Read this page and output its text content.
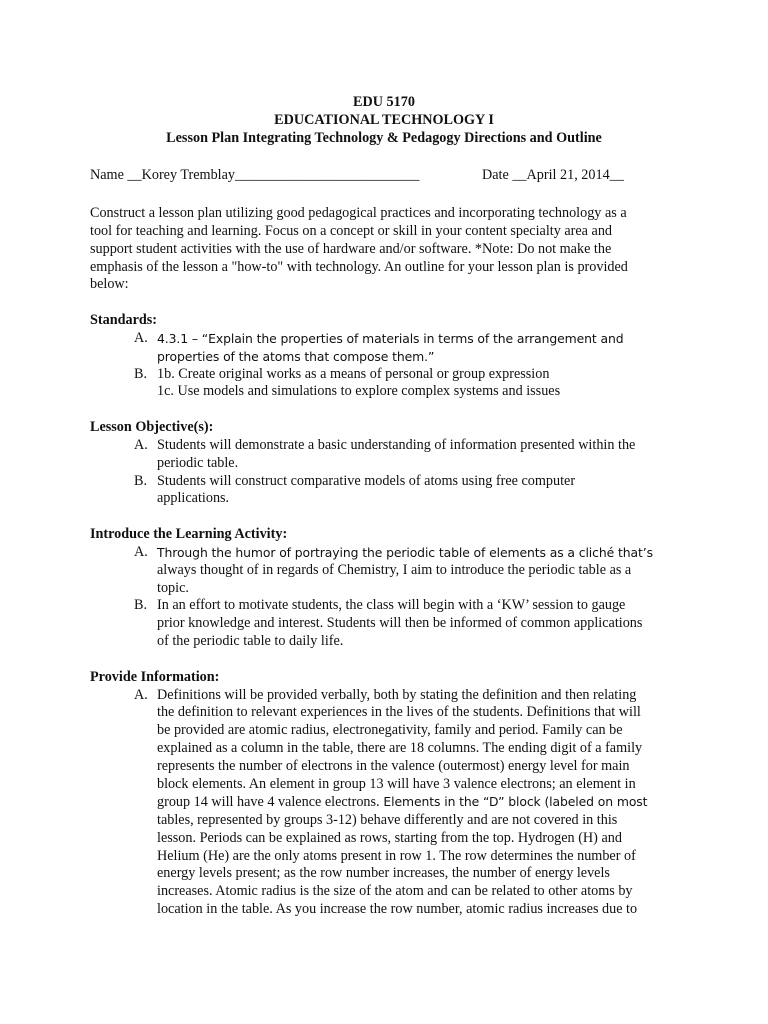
EDU 5170
EDUCATIONAL TECHNOLOGY I
Lesson Plan Integrating Technology & Pedagogy Directions and Outline
Name __Korey Tremblay__________________________	Date __April 21, 2014__
Construct a lesson plan utilizing good pedagogical practices and incorporating technology as a
tool for teaching and learning. Focus on a concept or skill in your content specialty area and
support student activities with the use of hardware and/or software. *Note: Do not make the
emphasis of the lesson a "how-to" with technology. An outline for your lesson plan is provided
below:
Standards:
A. 4.3.1 – “Explain the properties of materials in terms of the arrangement and
properties of the atoms that compose them.”
B. 1b. Create original works as a means of personal or group expression
1c. Use models and simulations to explore complex systems and issues
Lesson Objective(s):
A. Students will demonstrate a basic understanding of information presented within the
periodic table.
B. Students will construct comparative models of atoms using free computer
applications.
Introduce the Learning Activity:
A. Through the humor of portraying the periodic table of elements as a cliché that’s
always thought of in regards of Chemistry, I aim to introduce the periodic table as a
topic.
B. In an effort to motivate students, the class will begin with a ‘KW’ session to gauge
prior knowledge and interest. Students will then be informed of common applications
of the periodic table to daily life.
Provide Information:
A. Definitions will be provided verbally, both by stating the definition and then relating
the definition to relevant experiences in the lives of the students. Definitions that will
be provided are atomic radius, electronegativity, family and period. Family can be
explained as a column in the table, there are 18 columns. The ending digit of a family
represents the number of electrons in the valence (outermost) energy level for main
block elements. An element in group 13 will have 3 valence electrons; an element in
group 14 will have 4 valence electrons. Elements in the “D” block (labeled on most
tables, represented by groups 3-12) behave differently and are not covered in this
lesson. Periods can be explained as rows, starting from the top. Hydrogen (H) and
Helium (He) are the only atoms present in row 1. The row determines the number of
energy levels present; as the row number increases, the number of energy levels
increases. Atomic radius is the size of the atom and can be related to other atoms by
location in the table. As you increase the row number, atomic radius increases due to
